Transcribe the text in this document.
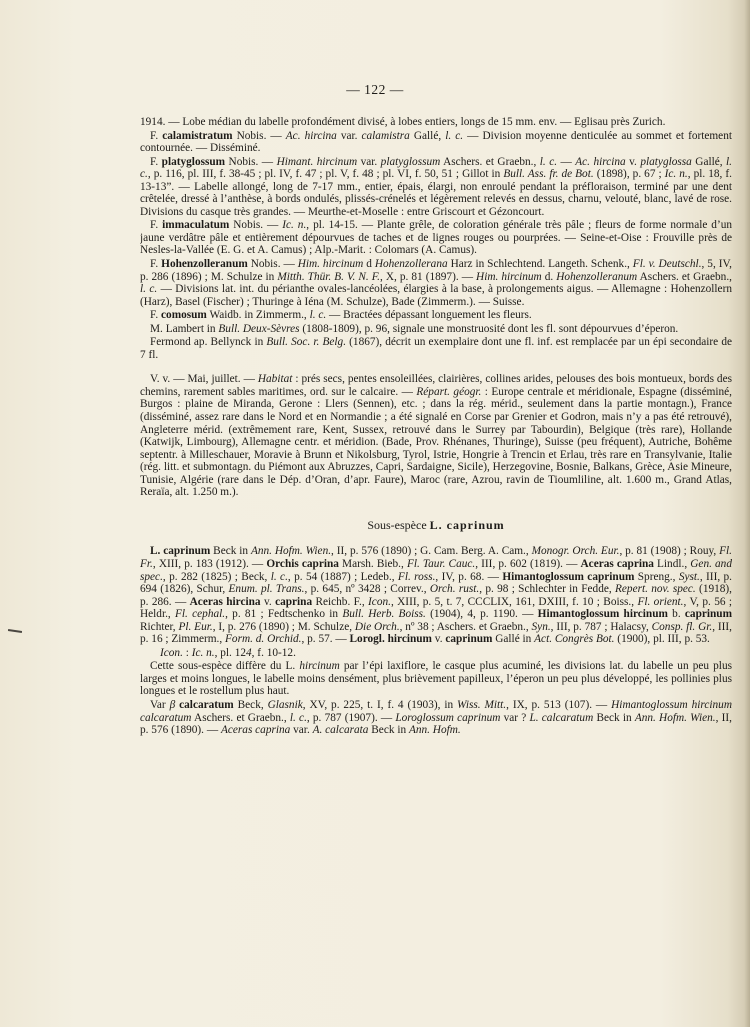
— 122 —

1914. — Lobe médian du labelle profondément divisé, à lobes entiers, longs de 15 mm. env. — Eglisau près Zurich.

F. calamistratum Nobis. — Ac. hircina var. calamistra Gallé, l. c. — Division moyenne denticulée au sommet et fortement contournée. — Disséminé.

F. platyglossum Nobis. — Himant. hircinum var. platyglossum Aschers. et Graebn., l. c. — Ac. hircina v. platyglossa Gallé, l. c., p. 116, pl. III, f. 38-45 ; pl. IV, f. 47 ; pl. V, f. 48 ; pl. VI, f. 50, 51 ; Gillot in Bull. Ass. fr. de Bot. (1898), p. 67 ; Ic. n., pl. 18, f. 13-13”. — Labelle allongé, long de 7-17 mm., entier, épais, élargi, non enroulé pendant la préfloraison, terminé par une dent crêtelée, dressé à l’anthèse, à bords ondulés, plissés-crénelés et légèrement relevés en dessus, charnu, velouté, blanc, lavé de rose. Divisions du casque très grandes. — Meurthe-et-Moselle : entre Griscourt et Gézoncourt.

F. immaculatum Nobis. — Ic. n., pl. 14-15. — Plante grêle, de coloration générale très pâle ; fleurs de forme normale d’un jaune verdâtre pâle et entièrement dépourvues de taches et de lignes rouges ou pourprées. — Seine-et-Oise : Frouville près de Nesles-la-Vallée (E. G. et A. Camus) ; Alp.-Marit. : Colomars (A. Camus).

F. Hohenzolleranum Nobis. — Him. hircinum d Hohenzollerana Harz in Schlechtend. Langeth. Schenk., Fl. v. Deutschl., 5, IV, p. 286 (1896) ; M. Schulze in Mitth. Thür. B. V. N. F., X, p. 81 (1897). — Him. hircinum d. Hohenzolleranum Aschers. et Graebn., l. c. — Divisions lat. int. du périanthe ovales-lancéolées, élargies à la base, à prolongements aigus. — Allemagne : Hohenzollern (Harz), Basel (Fischer) ; Thuringe à Iéna (M. Schulze), Bade (Zimmerm.). — Suisse.

F. comosum Waidb. in Zimmerm., l. c. — Bractées dépassant longuement les fleurs.

M. Lambert in Bull. Deux-Sèvres (1808-1809), p. 96, signale une monstruosité dont les fl. sont dépourvues d’éperon.

Fermond ap. Bellynck in Bull. Soc. r. Belg. (1867), décrit un exemplaire dont une fl. inf. est remplacée par un épi secondaire de 7 fl.

V. v. — Mai, juillet. — Habitat : prés secs, pentes ensoleillées, clairières, collines arides, pelouses des bois montueux, bords des chemins, rarement sables maritimes, ord. sur le calcaire. — Répart. géogr. : Europe centrale et méridionale, Espagne (disséminé, Burgos : plaine de Miranda, Gerone : Llers (Sennen), etc. ; dans la rég. mérid., seulement dans la partie montagn.), France (disséminé, assez rare dans le Nord et en Normandie ; a été signalé en Corse par Grenier et Godron, mais n’y a pas été retrouvé), Angleterre mérid. (extrêmement rare, Kent, Sussex, retrouvé dans le Surrey par Tabourdin), Belgique (très rare), Hollande (Katwijk, Limbourg), Allemagne centr. et méridion. (Bade, Prov. Rhénanes, Thuringe), Suisse (peu fréquent), Autriche, Bohême septentr. à Milleschauer, Moravie à Brunn et Nikolsburg, Tyrol, Istrie, Hongrie à Trencin et Erlau, très rare en Transylvanie, Italie (rég. litt. et submontagn. du Piémont aux Abruzzes, Capri, Sardaigne, Sicile), Herzegovine, Bosnie, Balkans, Grèce, Asie Mineure, Tunisie, Algérie (rare dans le Dép. d’Oran, d’apr. Faure), Maroc (rare, Azrou, ravin de Tioumliline, alt. 1.600 m., Grand Atlas, Reraïa, alt. 1.250 m.).

Sous-espèce L. caprinum

L. caprinum Beck in Ann. Hofm. Wien., II, p. 576 (1890) ; G. Cam. Berg. A. Cam., Monogr. Orch. Eur., p. 81 (1908) ; Rouy, Fl. Fr., XIII, p. 183 (1912). — Orchis caprina Marsh. Bieb., Fl. Taur. Cauc., III, p. 602 (1819). — Aceras caprina Lindl., Gen. and spec., p. 282 (1825) ; Beck, l. c., p. 54 (1887) ; Ledeb., Fl. ross., IV, p. 68. — Himantoglossum caprinum Spreng., Syst., III, p. 694 (1826), Schur, Enum. pl. Trans., p. 645, nº 3428 ; Correv., Orch. rust., p. 98 ; Schlechter in Fedde, Repert. nov. spec. (1918), p. 286. — Aceras hircina v. caprina Reichb. F., Icon., XIII, p. 5, t. 7, CCCLIX, 161, DXIII, f. 10 ; Boiss., Fl. orient., V, p. 56 ; Heldr., Fl. cephal., p. 81 ; Fedtschenko in Bull. Herb. Boiss. (1904), 4, p. 1190. — Himantoglossum hircinum b. caprinum Richter, Pl. Eur., I, p. 276 (1890) ; M. Schulze, Die Orch., nº 38 ; Aschers. et Graebn., Syn., III, p. 787 ; Halacsy, Consp. fl. Gr., III, p. 16 ; Zimmerm., Form. d. Orchid., p. 57. — Lorogl. hircinum v. caprinum Gallé in Act. Congrès Bot. (1900), pl. III, p. 53.

Icon. : Ic. n., pl. 124, f. 10-12.

Cette sous-espèce diffère du L. hircinum par l’épi laxiflore, le casque plus acuminé, les divisions lat. du labelle un peu plus larges et moins longues, le labelle moins densément, plus brièvement papilleux, l’éperon un peu plus développé, les pollinies plus longues et le rostellum plus haut.

Var β calcaratum Beck, Glasnik, XV, p. 225, t. I, f. 4 (1903), in Wiss. Mitt., IX, p. 513 (107). — Himantoglossum hircinum calcaratum Aschers. et Graebn., l. c., p. 787 (1907). — Loroglossum caprinum var ? L. calcaratum Beck in Ann. Hofm. Wien., II, p. 576 (1890). — Aceras caprina var. A. calcarata Beck in Ann. Hofm.
